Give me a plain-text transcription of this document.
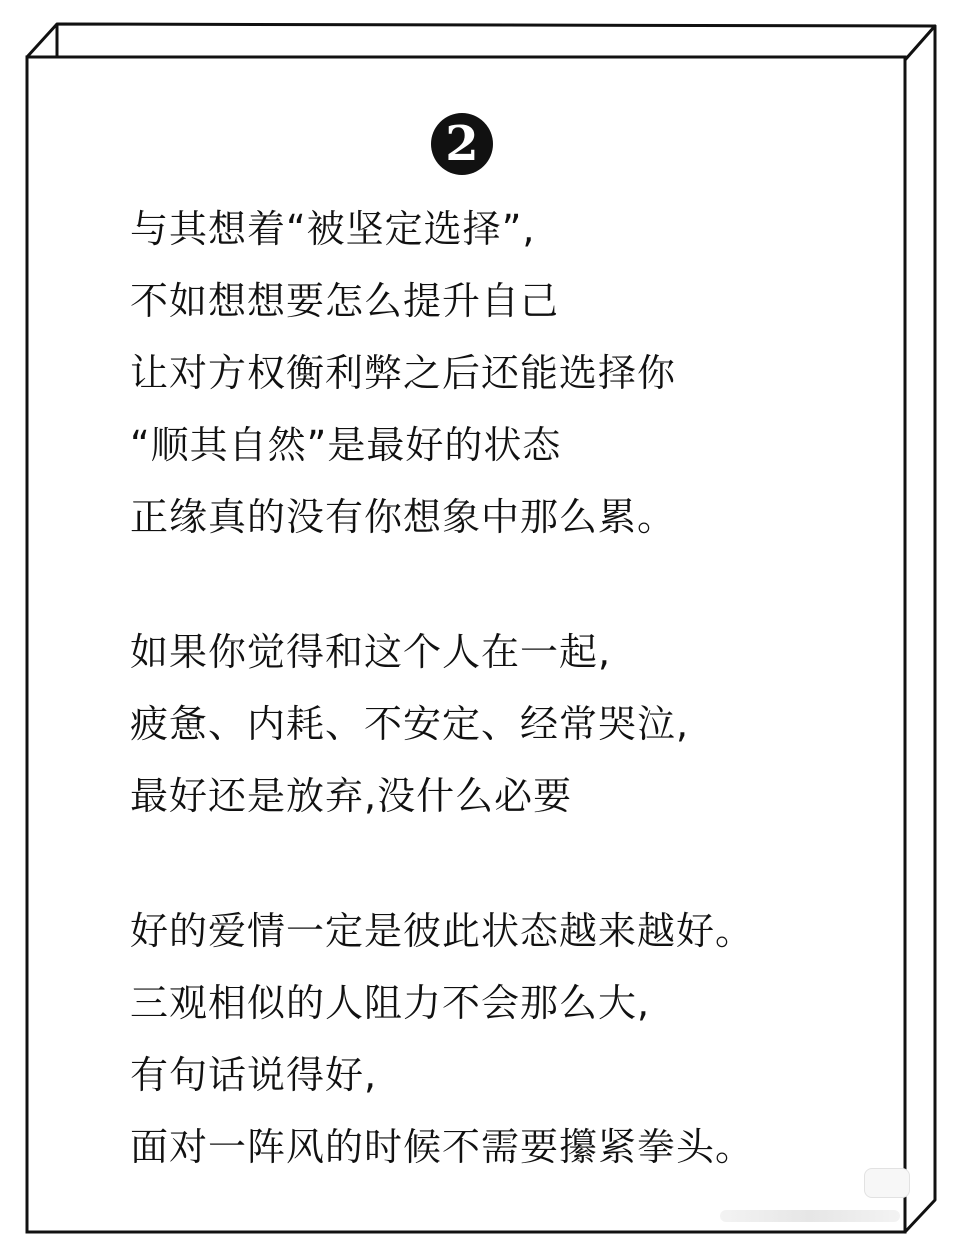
2
与其想着“被坚定选择”,
不如想想要怎么提升自己
让对方权衡利弊之后还能选择你
“顺其自然”是最好的状态
正缘真的没有你想象中那么累。
如果你觉得和这个人在一起,
疲惫、内耗、不安定、经常哭泣,
最好还是放弃,没什么必要
好的爱情一定是彼此状态越来越好。
三观相似的人阻力不会那么大,
有句话说得好,
面对一阵风的时候不需要攥紧拳头。
